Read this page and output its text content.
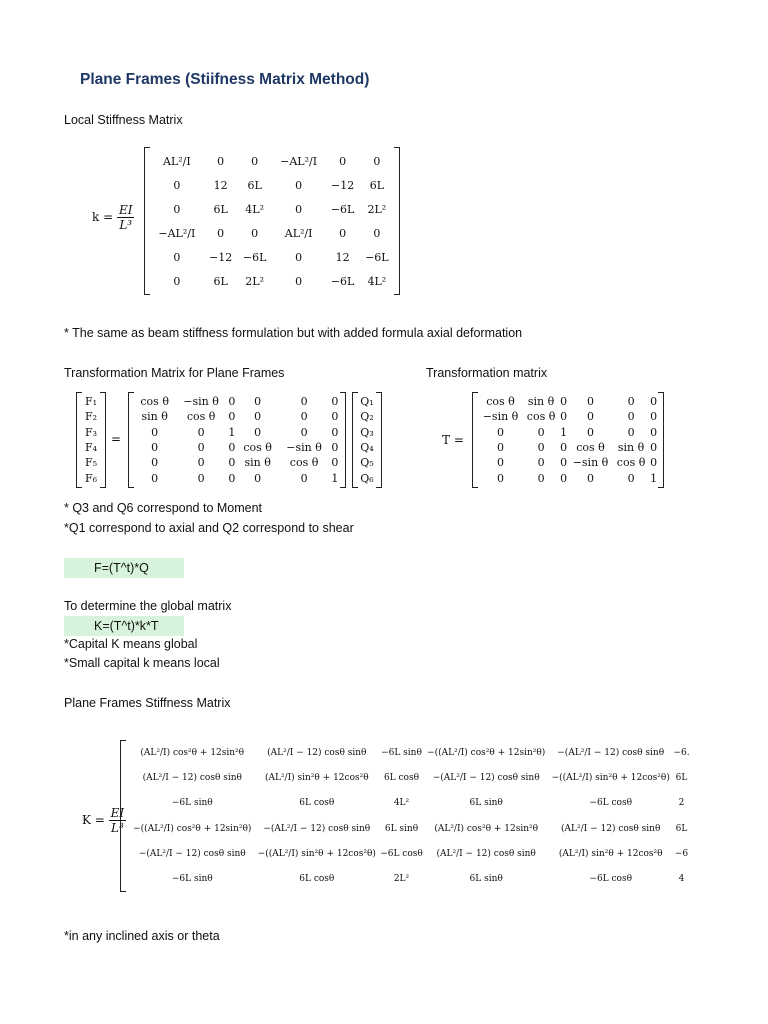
Plane Frames (Stiifness Matrix Method)
Local Stiffness Matrix
$k = \frac{EI}{\text{L³}}$
AL²/I	0	0	−AL²/I	0	0
0	12	6L	0	−12	6L
0	6L	4L²	0	−6L	2L²
−AL²/I	0	0	AL²/I	0	0
0	−12	−6L	0	12	−6L
0	6L	2L²	0	−6L	4L²
* The same as beam stiffness formulation but with added formula axial deformation
Transformation Matrix for Plane Frames	Transformation matrix
F₁
F₂
F₃
F₄
F₅
F₆
=
cos θ	−sin θ	0	0	0	0
sin θ	cos θ	0	0	0	0
0	0	1	0	0	0
0	0	0	cos θ	−sin θ	0
0	0	0	sin θ	cos θ	0
0	0	0	0	0	1
Q₁
Q₂
Q₃
Q₄
Q₅
Q₆
T =
cos θ	sin θ	0	0	0	0
−sin θ	cos θ	0	0	0	0
0	0	1	0	0	0
0	0	0	cos θ	sin θ	0
0	0	0	−sin θ	cos θ	0
0	0	0	0	0	1
* Q3 and Q6 correspond to Moment
*Q1 correspond to axial and Q2 correspond to shear
F=(T^t)*Q
To determine the global matrix
K=(T^t)*k*T
*Capital K means global
*Small capital k means local
Plane Frames Stiffness Matrix
$K = \frac{EI}{\text{L³}}$
(AL²/I) cos²θ + 12sin²θ	(AL²/I − 12) cosθ sinθ	−6L sinθ	−((AL²/I) cos²θ + 12sin²θ)	−(AL²/I − 12) cosθ sinθ	−6.
(AL²/I − 12) cosθ sinθ	(AL²/I) sin²θ + 12cos²θ	6L cosθ	−(AL²/I − 12) cosθ sinθ	−((AL²/I) sin²θ + 12cos²θ)	6L
−6L sinθ	6L cosθ	4L²	6L sinθ	−6L cosθ	2
−((AL²/I) cos²θ + 12sin²θ)	−(AL²/I − 12) cosθ sinθ	6L sinθ	(AL²/I) cos²θ + 12sin²θ	(AL²/I − 12) cosθ sinθ	6L
−(AL²/I − 12) cosθ sinθ	−((AL²/I) sin²θ + 12cos²θ)	−6L cosθ	(AL²/I − 12) cosθ sinθ	(AL²/I) sin²θ + 12cos²θ	−6
−6L sinθ	6L cosθ	2L²	6L sinθ	−6L cosθ	4
*in any inclined axis or theta
